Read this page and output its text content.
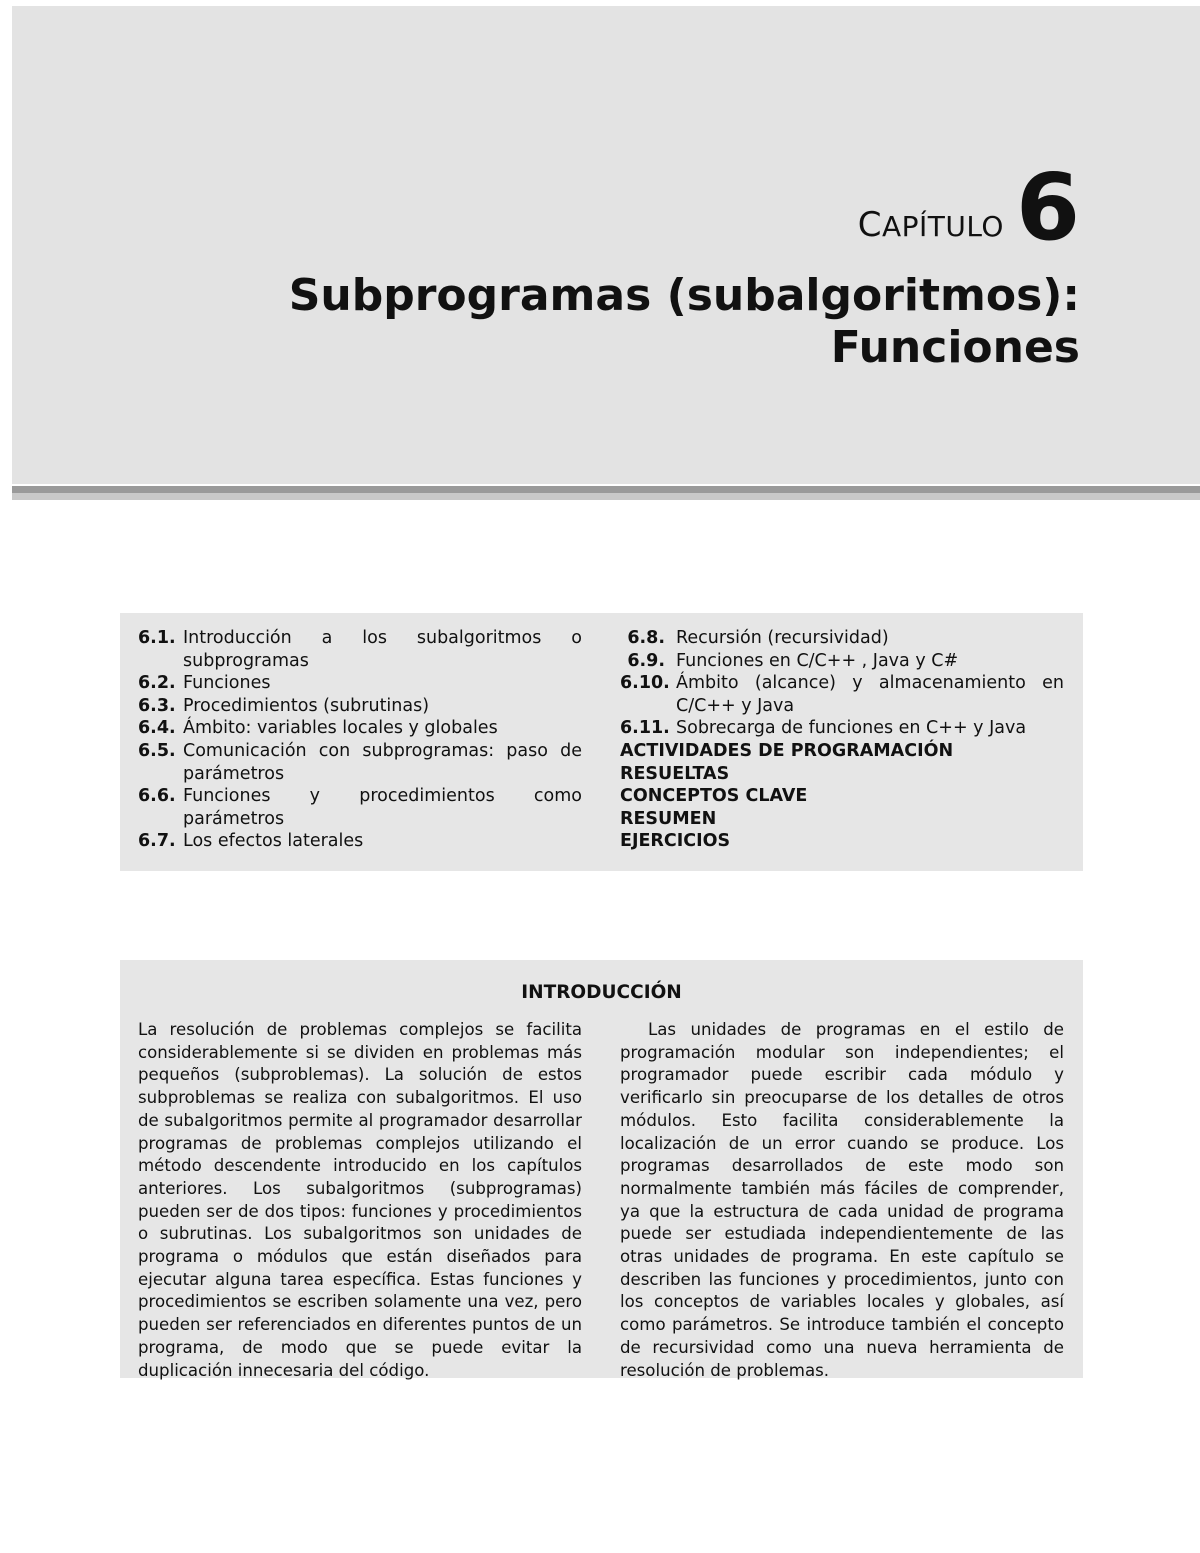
CAPÍTULO 6
Subprogramas (subalgoritmos):
Funciones
6.1. Introducción a los subalgoritmos o subprogramas
6.2. Funciones
6.3. Procedimientos (subrutinas)
6.4. Ámbito: variables locales y globales
6.5. Comunicación con subprogramas: paso de parámetros
6.6. Funciones y procedimientos como parámetros
6.7. Los efectos laterales
6.8. Recursión (recursividad)
6.9. Funciones en C/C++ , Java y C#
6.10. Ámbito (alcance) y almacenamiento en C/C++ y Java
6.11. Sobrecarga de funciones en C++ y Java
ACTIVIDADES DE PROGRAMACIÓN RESUELTAS
CONCEPTOS CLAVE
RESUMEN
EJERCICIOS
INTRODUCCIÓN
La resolución de problemas complejos se facilita considerablemente si se dividen en problemas más pequeños (subproblemas). La solución de estos subproblemas se realiza con subalgoritmos. El uso de subalgoritmos permite al programador desarrollar programas de problemas complejos utilizando el método descendente introducido en los capítulos anteriores. Los subalgoritmos (subprogramas) pueden ser de dos tipos: funciones y procedimientos o subrutinas. Los subalgoritmos son unidades de programa o módulos que están diseñados para ejecutar alguna tarea específica. Estas funciones y procedimientos se escriben solamente una vez, pero pueden ser referenciados en diferentes puntos de un programa, de modo que se puede evitar la duplicación innecesaria del código.
Las unidades de programas en el estilo de programación modular son independientes; el programador puede escribir cada módulo y verificarlo sin preocuparse de los detalles de otros módulos. Esto facilita considerablemente la localización de un error cuando se produce. Los programas desarrollados de este modo son normalmente también más fáciles de comprender, ya que la estructura de cada unidad de programa puede ser estudiada independientemente de las otras unidades de programa. En este capítulo se describen las funciones y procedimientos, junto con los conceptos de variables locales y globales, así como parámetros. Se introduce también el concepto de recursividad como una nueva herramienta de resolución de problemas.
